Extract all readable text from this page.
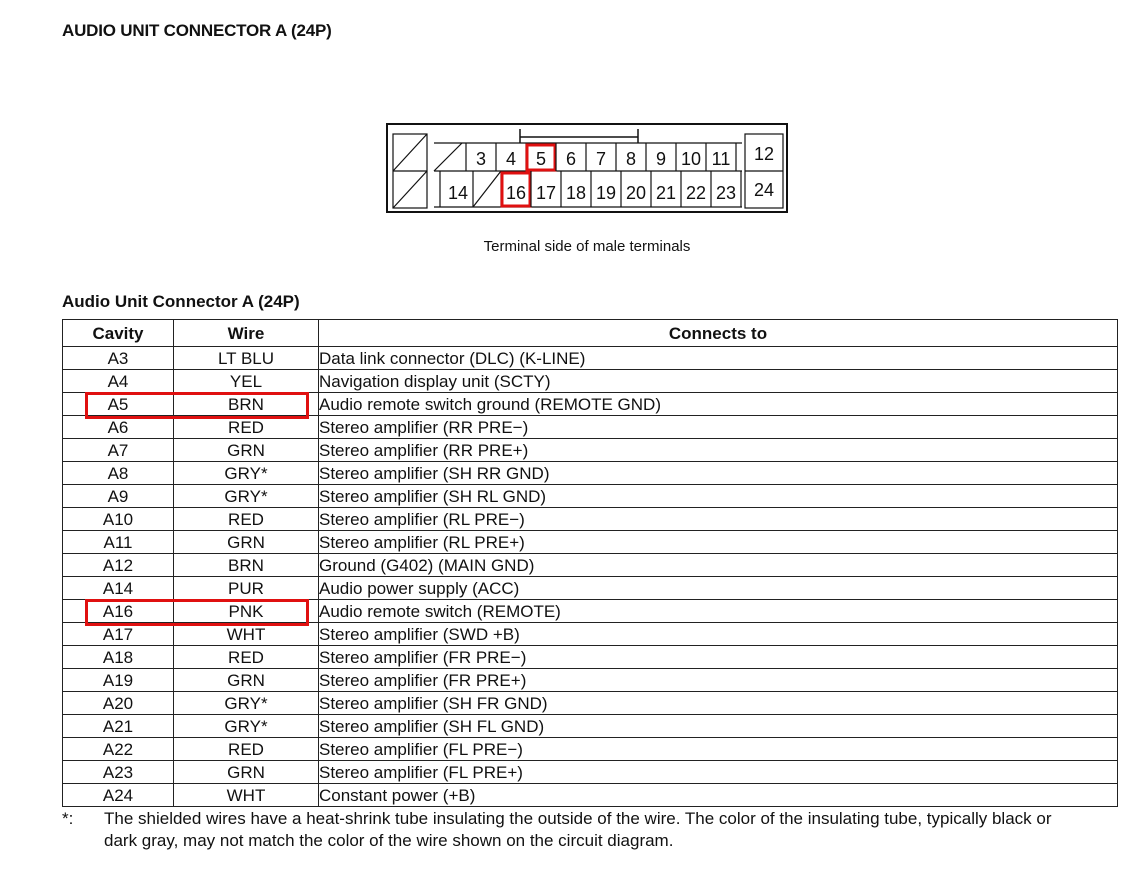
AUDIO UNIT CONNECTOR A (24P)
3 4 5 6 7 8 9 10 11
14 16 17 18 19 20 21 22 23
12
24
Terminal side of male terminals
Audio Unit Connector A (24P)
Cavity	Wire	Connects to
A3	LT BLU	Data link connector (DLC) (K-LINE)
A4	YEL	Navigation display unit (SCTY)
A5	BRN	Audio remote switch ground (REMOTE GND)
A6	RED	Stereo amplifier (RR PRE−)
A7	GRN	Stereo amplifier (RR PRE+)
A8	GRY*	Stereo amplifier (SH RR GND)
A9	GRY*	Stereo amplifier (SH RL GND)
A10	RED	Stereo amplifier (RL PRE−)
A11	GRN	Stereo amplifier (RL PRE+)
A12	BRN	Ground (G402) (MAIN GND)
A14	PUR	Audio power supply (ACC)
A16	PNK	Audio remote switch (REMOTE)
A17	WHT	Stereo amplifier (SWD +B)
A18	RED	Stereo amplifier (FR PRE−)
A19	GRN	Stereo amplifier (FR PRE+)
A20	GRY*	Stereo amplifier (SH FR GND)
A21	GRY*	Stereo amplifier (SH FL GND)
A22	RED	Stereo amplifier (FL PRE−)
A23	GRN	Stereo amplifier (FL PRE+)
A24	WHT	Constant power (+B)
*: The shielded wires have a heat-shrink tube insulating the outside of the wire. The color of the insulating tube, typically black or dark gray, may not match the color of the wire shown on the circuit diagram.
